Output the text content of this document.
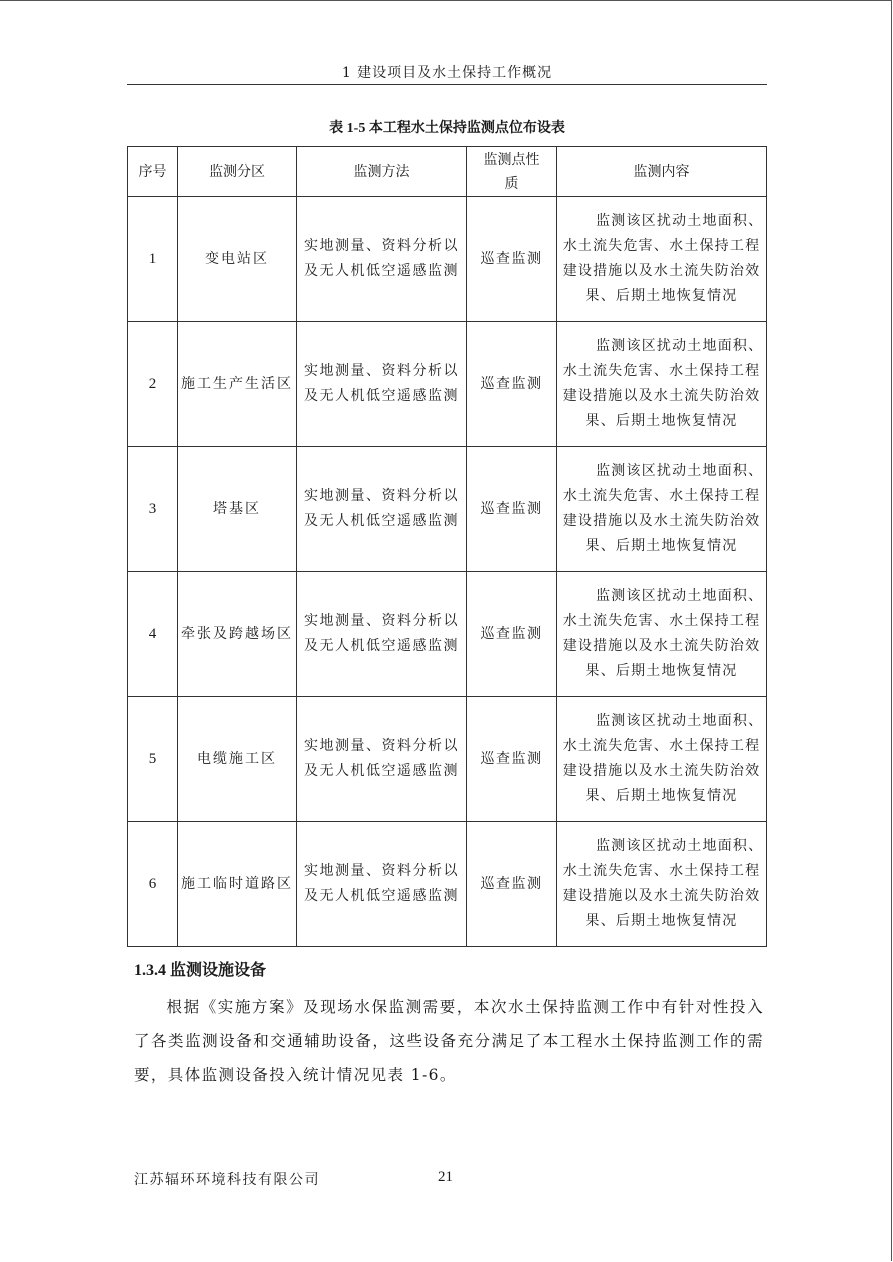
1 建设项目及水土保持工作概况
表 1-5 本工程水土保持监测点位布设表
序号	监测分区	监测方法	监测点性质	监测内容
1	变电站区	实地测量、资料分析以及无人机低空遥感监测	巡查监测	监测该区扰动土地面积、水土流失危害、水土保持工程建设措施以及水土流失防治效果、后期土地恢复情况

2	施工生产生活区	实地测量、资料分析以及无人机低空遥感监测	巡查监测	监测该区扰动土地面积、水土流失危害、水土保持工程建设措施以及水土流失防治效果、后期土地恢复情况

3	塔基区	实地测量、资料分析以及无人机低空遥感监测	巡查监测	监测该区扰动土地面积、水土流失危害、水土保持工程建设措施以及水土流失防治效果、后期土地恢复情况

4	牵张及跨越场区	实地测量、资料分析以及无人机低空遥感监测	巡查监测	监测该区扰动土地面积、水土流失危害、水土保持工程建设措施以及水土流失防治效果、后期土地恢复情况

5	电缆施工区	实地测量、资料分析以及无人机低空遥感监测	巡查监测	监测该区扰动土地面积、水土流失危害、水土保持工程建设措施以及水土流失防治效果、后期土地恢复情况

6	施工临时道路区	实地测量、资料分析以及无人机低空遥感监测	巡查监测	监测该区扰动土地面积、水土流失危害、水土保持工程建设措施以及水土流失防治效果、后期土地恢复情况
1.3.4 监测设施设备

根据《实施方案》及现场水保监测需要，本次水土保持监测工作中有针对性投入了各类监测设备和交通辅助设备，这些设备充分满足了本工程水土保持监测工作的需要，具体监测设备投入统计情况见表 1-6。

江苏辐环环境科技有限公司	21
